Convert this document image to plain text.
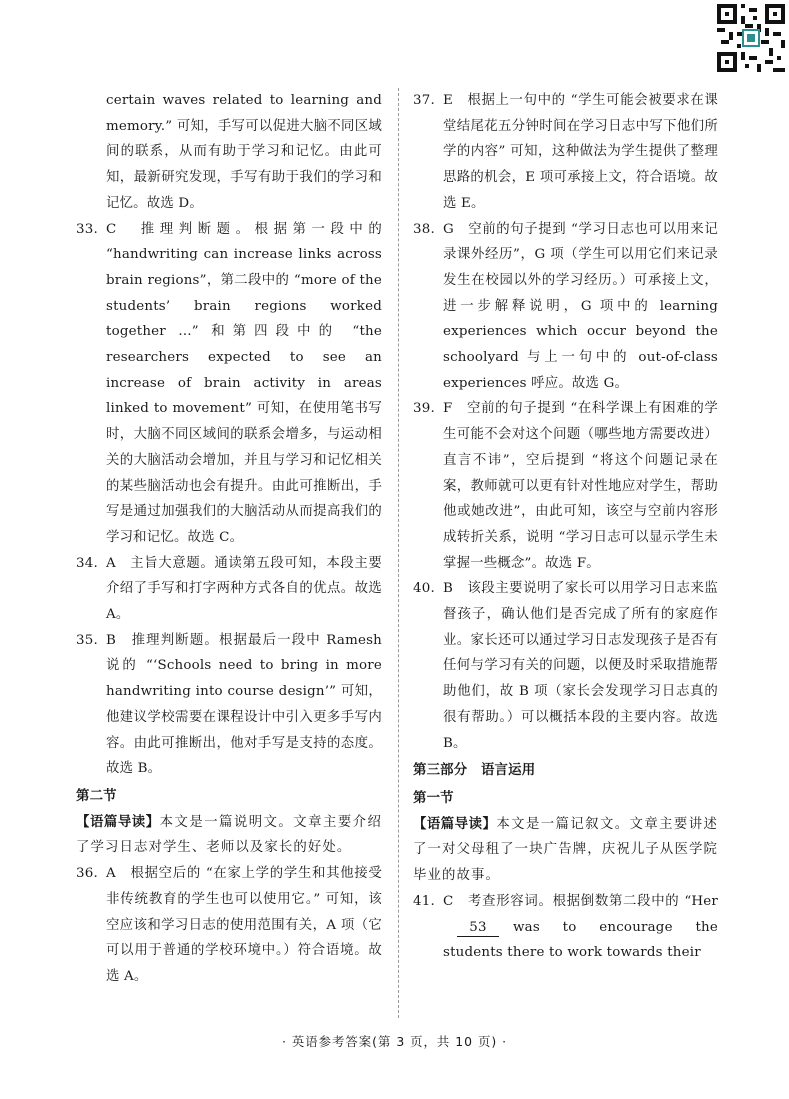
certain waves related to learning and memory.” 可知，手写可以促进大脑不同区域间的联系，从而有助于学习和记忆。由此可知，最新研究发现，手写有助于我们的学习和记忆。故选 D。

33. C　推理判断题。根据第一段中的 “handwriting can increase links across brain regions”，第二段中的 “more of the students’ brain regions worked together …” 和第四段中的 “the researchers expected to see an increase of brain activity in areas linked to movement” 可知，在使用笔书写时，大脑不同区域间的联系会增多，与运动相关的大脑活动会增加，并且与学习和记忆相关的某些脑活动也会有提升。由此可推断出，手写是通过加强我们的大脑活动从而提高我们的学习和记忆。故选 C。
34. A　主旨大意题。通读第五段可知，本段主要介绍了手写和打字两种方式各自的优点。故选 A。
35. B　推理判断题。根据最后一段中 Ramesh 说的 “‘Schools need to bring in more handwriting into course design’” 可知，他建议学校需要在课程设计中引入更多手写内容。由此可推断出，他对手写是支持的态度。故选 B。
第二节

【语篇导读】本文是一篇说明文。文章主要介绍了学习日志对学生、老师以及家长的好处。

36. A　根据空后的 “在家上学的学生和其他接受非传统教育的学生也可以使用它。” 可知，该空应该和学习日志的使用范围有关，A 项（它可以用于普通的学校环境中。）符合语境。故选 A。
37. E　根据上一句中的 “学生可能会被要求在课堂结尾花五分钟时间在学习日志中写下他们所学的内容” 可知，这种做法为学生提供了整理思路的机会，E 项可承接上文，符合语境。故选 E。
38. G　空前的句子提到 “学习日志也可以用来记录课外经历”，G 项（学生可以用它们来记录发生在校园以外的学习经历。）可承接上文，进一步解释说明，G 项中的 learning experiences which occur beyond the schoolyard 与上一句中的 out-of-class experiences 呼应。故选 G。
39. F　空前的句子提到 “在科学课上有困难的学生可能不会对这个问题（哪些地方需要改进）直言不讳”，空后提到 “将这个问题记录在案，教师就可以更有针对性地应对学生，帮助他或她改进”，由此可知，该空与空前内容形成转折关系，说明 “学习日志可以显示学生未掌握一些概念”。故选 F。
40. B　该段主要说明了家长可以用学习日志来监督孩子，确认他们是否完成了所有的家庭作业。家长还可以通过学习日志发现孩子是否有任何与学习有关的问题，以便及时采取措施帮助他们，故 B 项（家长会发现学习日志真的很有帮助。）可以概括本段的主要内容。故选 B。
第三部分　语言运用
第一节

【语篇导读】本文是一篇记叙文。文章主要讲述了一对父母租了一块广告牌，庆祝儿子从医学院毕业的故事。

41. C　考查形容词。根据倒数第二段中的 “Her53 was to encourage the students there to work towards their
· 英语参考答案(第 3 页，共 10 页) ·
